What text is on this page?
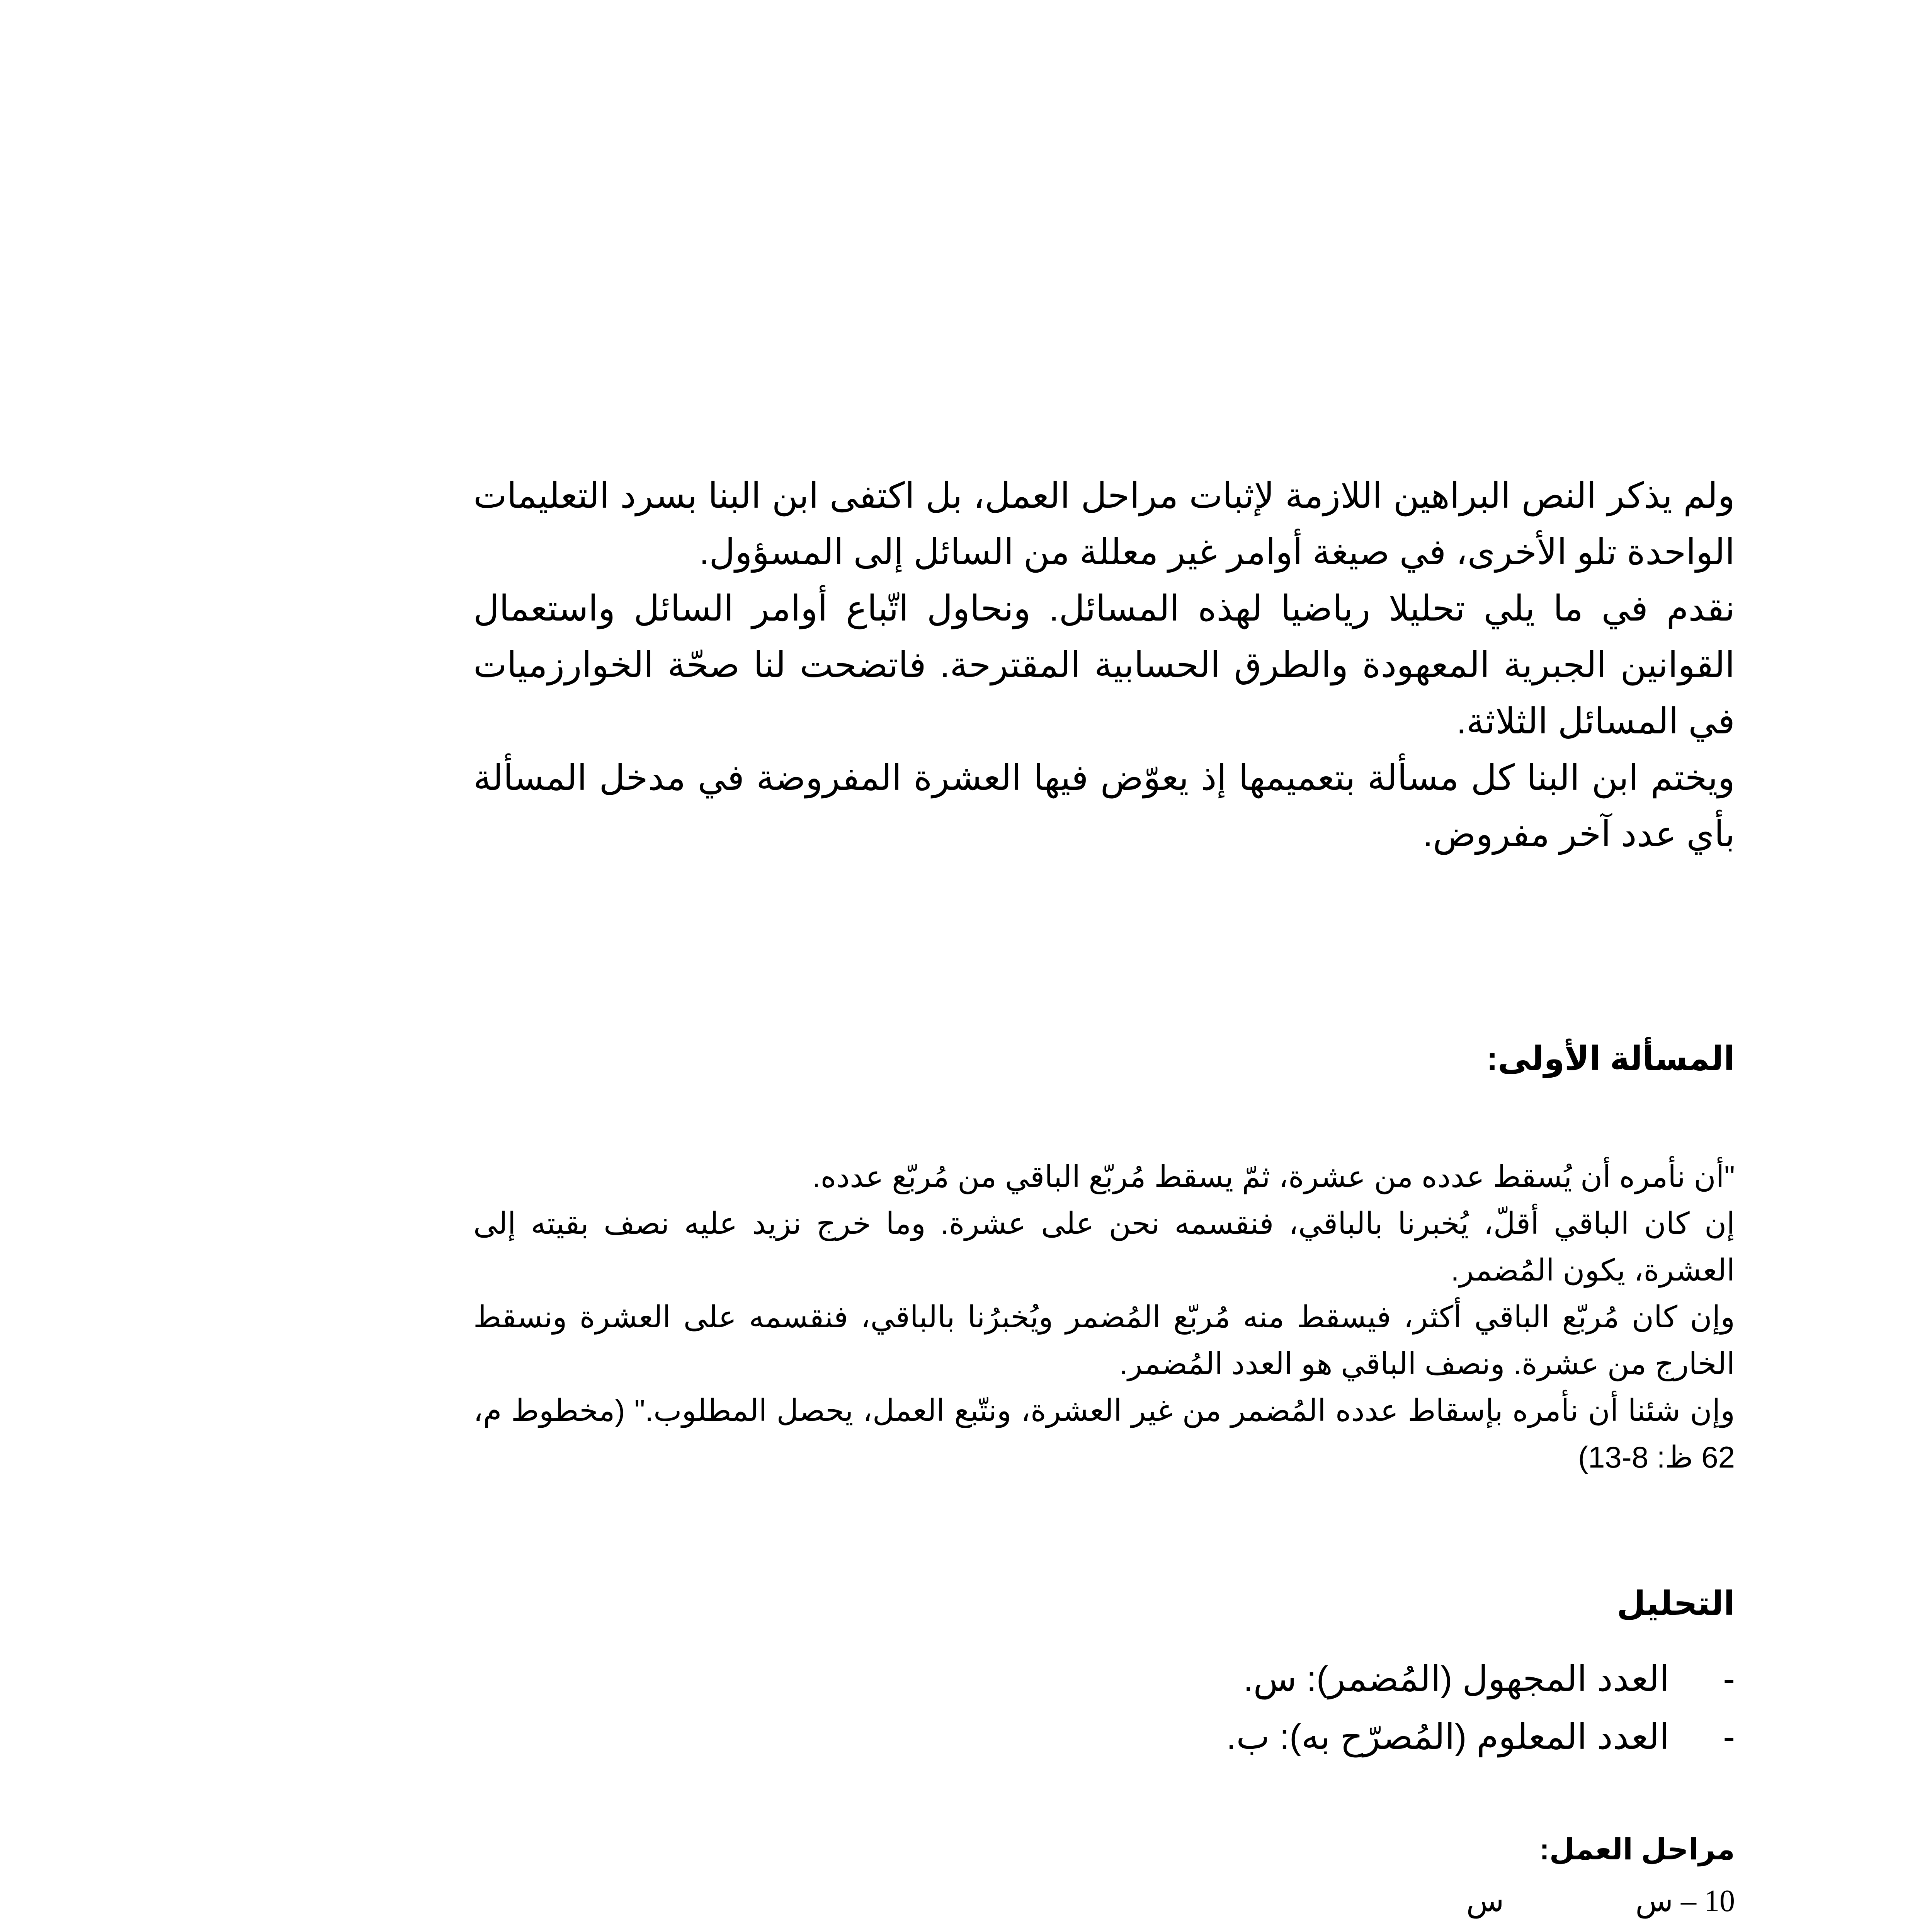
ولم يذكر النص البراهين اللازمة لإثبات مراحل العمل، بل اكتفى ابن البنا بسرد التعليمات الواحدة تلو الأخرى، في صيغة أوامر غير معللة من السائل إلى المسؤول.

نقدم في ما يلي تحليلا رياضيا لهذه المسائل. ونحاول اتّباع أوامر السائل واستعمال القوانين الجبرية المعهودة والطرق الحسابية المقترحة. فاتضحت لنا صحّة الخوارزميات في المسائل الثلاثة.

ويختم ابن البنا كل مسألة بتعميمها إذ يعوّض فيها العشرة المفروضة في مدخل المسألة بأي عدد آخر مفروض.

المسألة الأولى:

"أن نأمره أن يُسقط عدده من عشرة، ثمّ يسقط مُربّع الباقي من مُربّع عدده.

إن كان الباقي أقلّ، يُخبرنا بالباقي، فنقسمه نحن على عشرة. وما خرج نزيد عليه نصف بقيته إلى العشرة، يكون المُضمر.

وإن كان مُربّع الباقي أكثر، فيسقط منه مُربّع المُضمر ويُخبرُنا بالباقي، فنقسمه على العشرة ونسقط الخارج من عشرة. ونصف الباقي هو العدد المُضمر.

وإن شئنا أن نأمره بإسقاط عدده المُضمر من غير العشرة، ونتّبع العمل، يحصل المطلوب." (مخطوط م، 62 ظ: 8-13)

التحليل

-
العدد المجهول (المُضمر): س.
-
العدد المعلوم (المُصرّح به): ب.
مراحل العمل:
10 – س  س
